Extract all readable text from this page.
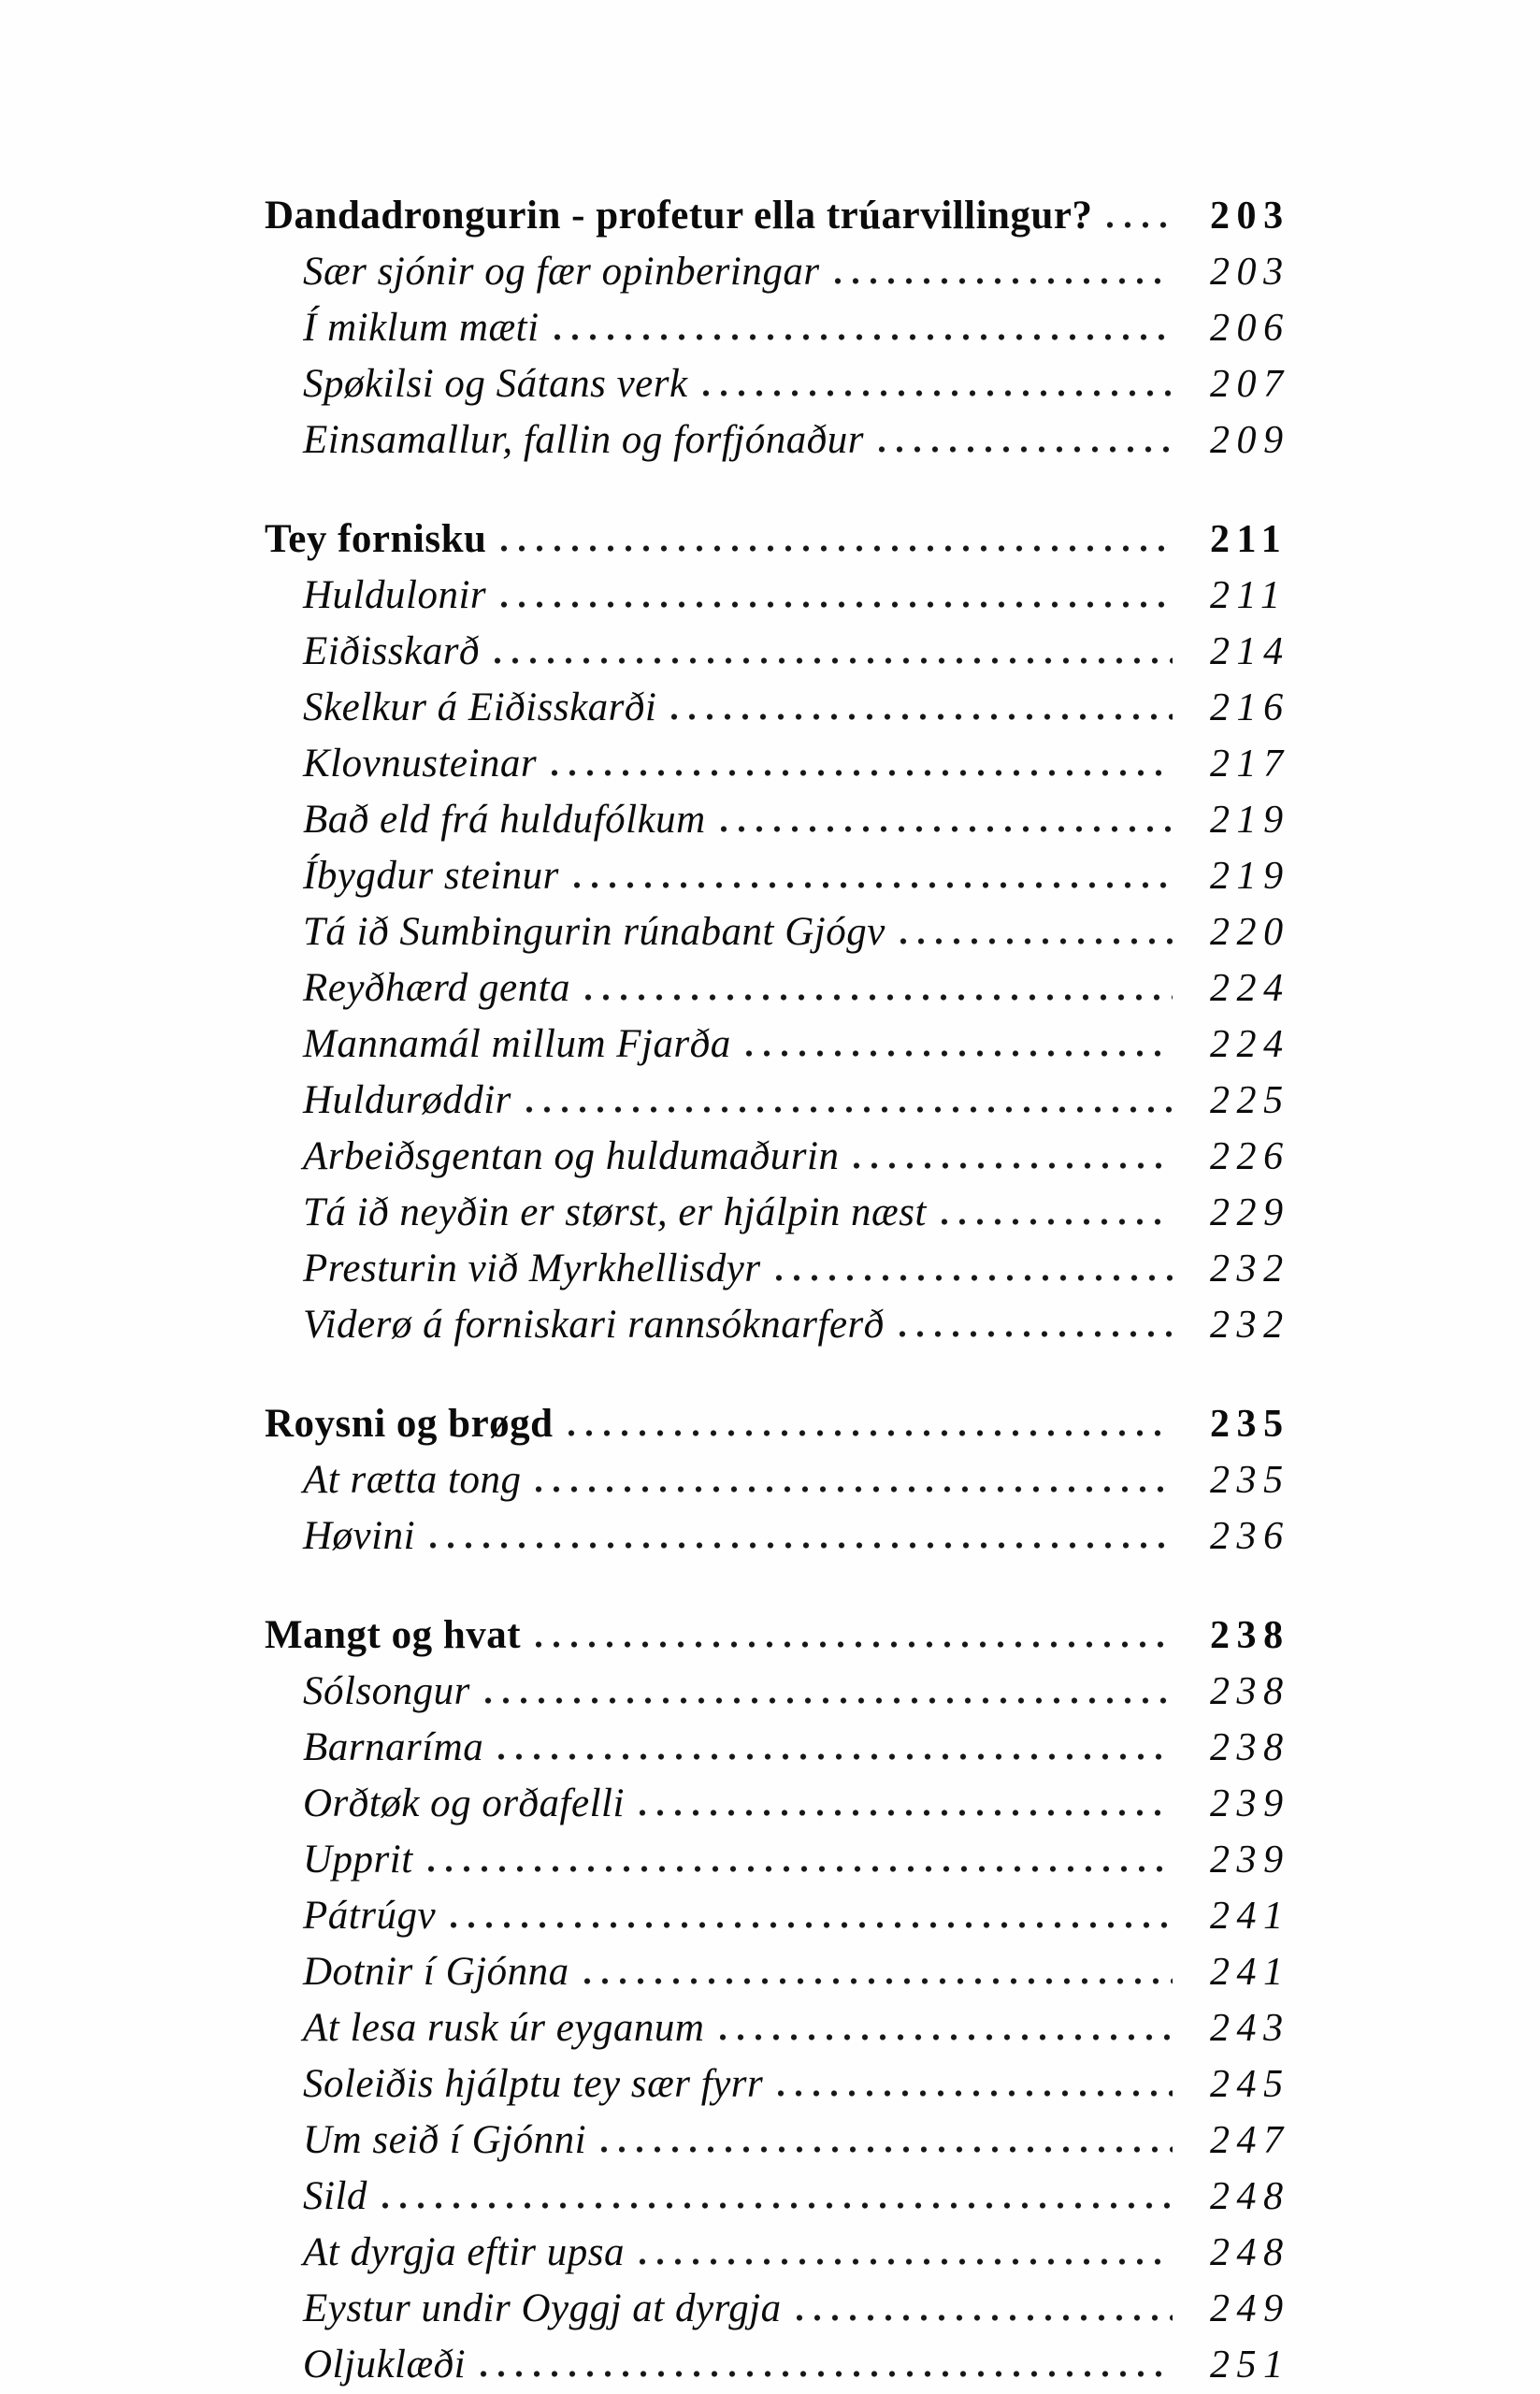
Dandadrongurin - profetur ella trúarvillingur?	203
Sær sjónir og fær opinberingar	203
Í miklum mæti	206
Spøkilsi og Sátans verk	207
Einsamallur, fallin og forfjónaður	209
Tey fornisku	211
Huldulonir	211
Eiðisskarð	214
Skelkur á Eiðisskarði	216
Klovnusteinar	217
Bað eld frá huldufólkum	219
Íbygdur steinur	219
Tá ið Sumbingurin rúnabant Gjógv	220
Reyðhærd genta	224
Mannamál millum Fjarða	224
Huldurøddir	225
Arbeiðsgentan og huldumaðurin	226
Tá ið neyðin er størst, er hjálpin næst	229
Presturin við Myrkhellisdyr	232
Viderø á forniskari rannsóknarferð	232
Roysni og brøgd	235
At rætta tong	235
Høvini	236
Mangt og hvat	238
Sólsongur	238
Barnaríma	238
Orðtøk og orðafelli	239
Upprit	239
Pátrúgv	241
Dotnir í Gjónna	241
At lesa rusk úr eyganum	243
Soleiðis hjálptu tey sær fyrr	245
Um seið í Gjónni	247
Sild	248
At dyrgja eftir upsa	248
Eystur undir Oyggj at dyrgja	249
Oljuklæði	251
